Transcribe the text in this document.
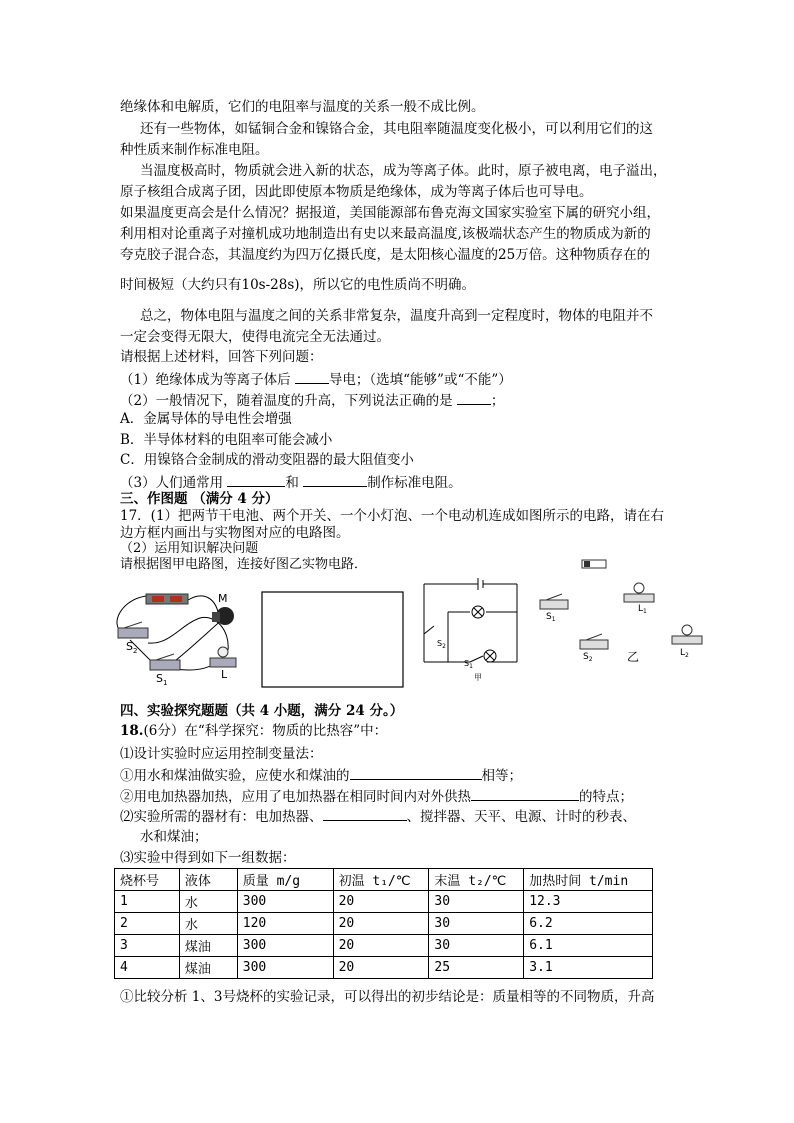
绝缘体和电解质，它们的电阻率与温度的关系一般不成比例。
还有一些物体，如锰铜合金和镍铬合金，其电阻率随温度变化极小，可以利用它们的这
种性质来制作标准电阻。
当温度极高时，物质就会进入新的状态，成为等离子体。此时，原子被电离，电子溢出，
原子核组合成离子团，因此即使原本物质是绝缘体，成为等离子体后也可导电。
如果温度更高会是什么情况？据报道，美国能源部布鲁克海文国家实验室下属的研究小组，
利用相对论重离子对撞机成功地制造出有史以来最高温度,该极端状态产生的物质成为新的
夸克胶子混合态，其温度约为四万亿摄氏度，是太阳核心温度的25万倍。这种物质存在的
时间极短（大约只有10s-28s)，所以它的电性质尚不明确。
总之，物体电阻与温度之间的关系非常复杂，温度升高到一定程度时，物体的电阻并不
一定会变得无限大，使得电流完全无法通过。
请根据上述材料，回答下列问题：
（1）绝缘体成为等离子体后	导电；（选填“能够”或“不能”）
（2）一般情况下，随着温度的升高，下列说法正确的是	；
A．金属导体的导电性会增强
B．半导体材料的电阻率可能会减小
C．用镍铬合金制成的滑动变阻器的最大阻值变小
（3）人们通常用	和	制作标准电阻。
三、作图题 （满分 4 分）
17．(1）把两节干电池、两个开关、一个小灯泡、一个电动机连成如图所示的电路，请在右
边方框内画出与实物图对应的电路图。
（2）运用知识解决问题
请根据图甲电路图，连接好图乙实物电路．
M
$S_2$
$S_1$
L
$S_2$
$S_1$
甲
$S_1$
$L_1$
$S_2$	乙	$L_2$
四、实验探究题题（共 4 小题，满分 24 分。）
18.(6分）在“科学探究：物质的比热容”中：
⑴设计实验时应运用控制变量法：
①用水和煤油做实验，应使水和煤油的	相等；
②用电加热器加热，应用了电加热器在相同时间内对外供热	的特点；
⑵实验所需的器材有：电加热器、	、搅拌器、天平、电源、计时的秒表、
水和煤油；
⑶实验中得到如下一组数据：
烧杯号	液体	质量 m/g	初温 t₁/℃	末温 t₂/℃	加热时间 t/min
1	水	300	20	30	12.3
2	水	120	20	30	6.2
3	煤油	300	20	30	6.1
4	煤油	300	20	25	3.1
①比较分析 1、3号烧杯的实验记录，可以得出的初步结论是：质量相等的不同物质，升高
